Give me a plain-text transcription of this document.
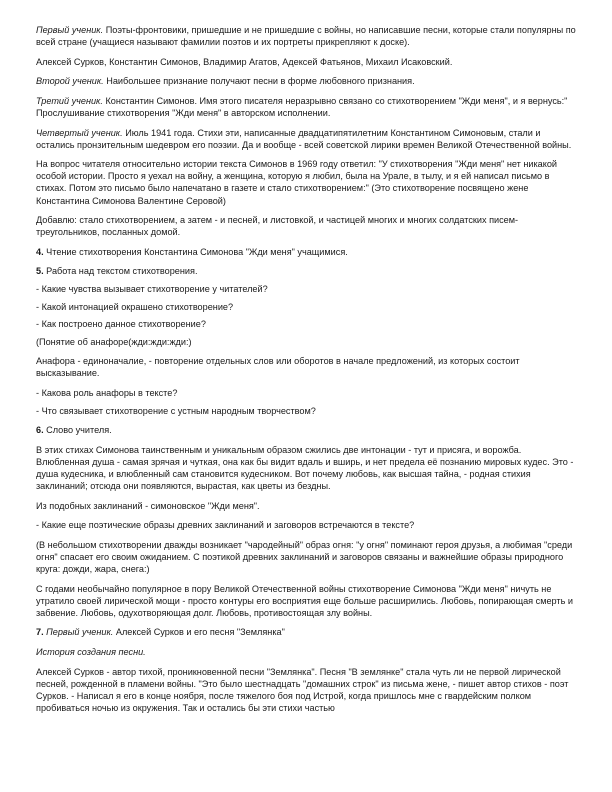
Первый ученик. Поэты-фронтовики, пришедшие и не пришедшие с войны, но написавшие песни, которые стали популярны по всей стране (учащиеся называют фамилии поэтов и их портреты прикрепляют к доске).

Алексей Сурков, Константин Симонов, Владимир Агатов, Адексей Фатьянов, Михаил Исаковский.

Второй ученик. Наибольшее признание получают песни в форме любовного признания.

Третий ученик. Константин Симонов. Имя этого писателя неразрывно связано со стихотворением "Жди меня", и я вернусь:" Прослушивание стихотворения "Жди меня" в авторском исполнении.

Четвертый ученик. Июль 1941 года. Стихи эти, написанные двадцатипятилетним Константином Симоновым, стали и остались пронзительным шедевром его поэзии. Да и вообще - всей советской лирики времен Великой Отечественной войны.

На вопрос читателя относительно истории текста Симонов в 1969 году ответил: "У стихотворения "Жди меня" нет никакой особой истории. Просто я уехал на войну, а женщина, которую я любил, была на Урале, в тылу, и я ей написал письмо в стихах. Потом это письмо было напечатано в газете и стало стихотворением:" (Это стихотворение посвящено жене Константина Симонова Валентине Серовой)

Добавлю: стало стихотворением, а затем - и песней, и листовкой, и частицей многих и многих солдатских писем-треугольников, посланных домой.

4. Чтение стихотворения Константина Симонова "Жди меня" учащимися.

5. Работа над текстом стихотворения.

- Какие чувства вызывает стихотворение у читателей?

- Какой интонацией окрашено стихотворение?

- Как построено данное стихотворение?

(Понятие об анафоре(жди:жди:жди:)

Анафора - единоначалие, - повторение отдельных слов или оборотов в начале предложений, из которых состоит высказывание.

- Какова роль анафоры в тексте?

- Что связывает стихотворение с устным народным творчеством?

6. Слово учителя.

В этих стихах Симонова таинственным и уникальным образом сжились две интонации - тут и присяга, и ворожба. Влюбленная душа - самая зрячая и чуткая, она как бы видит вдаль и вширь, и нет предела её познанию мировых кудес. Это - душа кудесника, и влюбленный сам становится кудесником. Вот почему любовь, как высшая тайна, - родная стихия заклинаний; отсюда они появляются, вырастая, как цветы из бездны.

Из подобных заклинаний - симоновское "Жди меня".

- Какие еще поэтические образы древних заклинаний и заговоров встречаются в тексте?

(В небольшом стихотворении дважды возникает "чародейный" образ огня: "у огня" поминают героя друзья, а любимая "среди огня" спасает его своим ожиданием. С поэтикой древних заклинаний и заговоров связаны и важнейшие образы природного круга: дожди, жара, снега:)

С годами необычайно популярное в пору Великой Отечественной войны стихотворение Симонова "Жди меня" ничуть не утратило своей лирической мощи - просто контуры его восприятия еще больше расширились. Любовь, попирающая смерть и забвение. Любовь, одухотворяющая долг. Любовь, противостоящая злу войны.

7. Первый ученик. Алексей Сурков и его песня "Землянка"

История создания песни.

Алексей Сурков - автор тихой, проникновенной песни "Землянка". Песня "В землянке" стала чуть ли не первой лирической песней, рожденной в пламени войны. "Это было шестнадцать "домашних строк" из письма жене, - пишет автор стихов - поэт Сурков. - Написал я его в конце ноября, после тяжелого боя под Истрой, когда пришлось мне с гвардейским полком пробиваться ночью из окружения. Так и остались бы эти стихи частью
